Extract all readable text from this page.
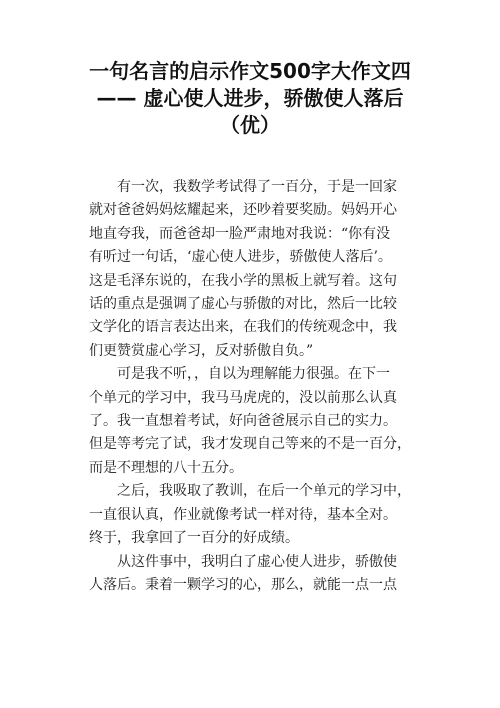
一句名言的启示作文500字大作文四
—— 虚心使人进步，骄傲使人落后
（优）

　　有一次，我数学考试得了一百分，于是一回家
就对爸爸妈妈炫耀起来，还吵着要奖励。妈妈开心
地直夸我，而爸爸却一脸严肃地对我说：“你有没
有听过一句话，‘虚心使人进步，骄傲使人落后’。
这是毛泽东说的，在我小学的黑板上就写着。这句
话的重点是强调了虚心与骄傲的对比，然后一比较
文学化的语言表达出来，在我们的传统观念中，我
们更赞赏虚心学习，反对骄傲自负。”

　　可是我不听，，自以为理解能力很强。在下一
个单元的学习中，我马马虎虎的，没以前那么认真
了。我一直想着考试，好向爸爸展示自己的实力。
但是等考完了试，我才发现自己等来的不是一百分，
而是不理想的八十五分。

　　之后，我吸取了教训，在后一个单元的学习中，
一直很认真，作业就像考试一样对待，基本全对。
终于，我拿回了一百分的好成绩。

　　从这件事中，我明白了虚心使人进步，骄傲使
人落后。秉着一颗学习的心，那么，就能一点一点
